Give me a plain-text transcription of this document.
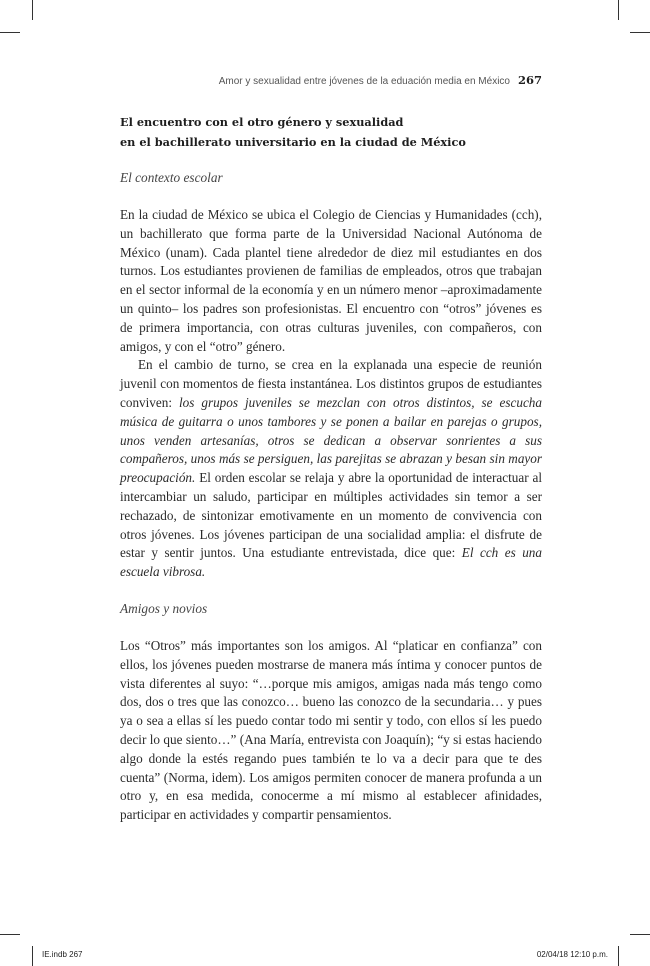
Amor y sexualidad entre jóvenes de la eduación media en México 267
El encuentro con el otro género y sexualidad
en el bachillerato universitario en la ciudad de México
El contexto escolar

En la ciudad de México se ubica el Colegio de Ciencias y Humanidades (cch), un bachillerato que forma parte de la Universidad Nacional Autónoma de México (unam). Cada plantel tiene alrededor de diez mil estudiantes en dos turnos. Los estudiantes provienen de familias de empleados, otros que trabajan en el sector informal de la economía y en un número menor –aproximadamente un quinto– los padres son profesionistas. El encuentro con “otros” jóvenes es de primera importancia, con otras culturas juveniles, con compañeros, con amigos, y con el “otro” género.

En el cambio de turno, se crea en la explanada una especie de reunión juvenil con momentos de fiesta instantánea. Los distintos grupos de estudiantes conviven: los grupos juveniles se mezclan con otros distintos, se escucha música de guitarra o unos tambores y se ponen a bailar en parejas o grupos, unos venden artesanías, otros se dedican a observar sonrientes a sus compañeros, unos más se persiguen, las parejitas se abrazan y besan sin mayor preocupación. El orden escolar se relaja y abre la oportunidad de interactuar al intercambiar un saludo, participar en múltiples actividades sin temor a ser rechazado, de sintonizar emotivamente en un momento de convivencia con otros jóvenes. Los jóvenes participan de una socialidad amplia: el disfrute de estar y sentir juntos. Una estudiante entrevistada, dice que: El cch es una escuela vibrosa.

Amigos y novios

Los “Otros” más importantes son los amigos. Al “platicar en confianza” con ellos, los jóvenes pueden mostrarse de manera más íntima y conocer puntos de vista diferentes al suyo: “…porque mis amigos, amigas nada más tengo como dos, dos o tres que las conozco… bueno las conozco de la secundaria… y pues ya o sea a ellas sí les puedo contar todo mi sentir y todo, con ellos sí les puedo decir lo que siento…” (Ana María, entrevista con Joaquín); “y si estas haciendo algo donde la estés regando pues también te lo va a decir para que te des cuenta” (Norma, idem). Los amigos permiten conocer de manera profunda a un otro y, en esa medida, conocerme a mí mismo al establecer afinidades, participar en actividades y compartir pensamientos.

IE.indb 267	02/04/18 12:10 p.m.
